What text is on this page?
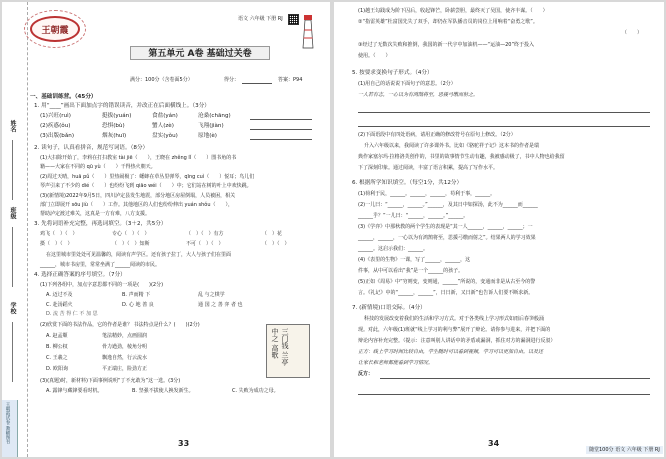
姓名
班级
学校
王朝霞试卷 教辅图书
王朝霞
语文 六年级 下册 RJ
第五单元 A卷 基础过关卷
满分：100分（含卷面5分）	得分：	答案：P94
一、基础训练营。（45分）
1. 用“____”画出下面加点字的错误读音，并改正在后面横线上。（3分）
(1)兴旺(ruì)	挺拔(yuán)	食盐(yán)	沧桑(chāng)
(2)疾惑(ǒu)	恐惧(bù)	蟹人(zè)	飞翔(jiàn)
(3)出版(bǎn)	烟灰(huī)	盘实(yǒu)	原地(è)
2. 读句子，认真看拼音，规范写词语。（8分）
(1)大扫除开始了，李莉在打扫教室 tài jiē（　　），王晓在 zhěng lǐ（　　）图书角的书
籍——大家在不同的 qū yù（　　）干得热火朝天。
(2)周过天晴，huā pǔ（　　）里热闹极了：蟋蟀在草丛里弹琴，qīng cuì（　　）悦耳；鸟儿们
琴声引来了不少的 dié（　　）也纷纷飞到 qiāo wéi（　　）中；它们站在树的叶上中欢快跳。
(3)(新情境)2022年9月5日，四川泸定县发生地震，部分地区房屋倒塌，人员被困，相关
部门立即展开 sōu jiù（　　）工作。其他地区的人们也纷纷伸出 yuán shǒu（　　），
帮助泸定渡过难关，这真是一方有难，八方支援。
3. 先将词语补充完整，再选词填空。（3＋2，共5分）
鸡飞（　）（　）	专心（　）（　）	（　）（　）有方	（　）花
摄（　）（　）	（　）（　）知斯	不可（　）（　）	（　）（　）
在这里城市里处处可见温馨的，阅读有声学区。还有孩子拉丁，大人与孩子们在里面
______，城市书房里，常常坐满了______阅读的市民。
4. 选择正确答案的序号填空。（7分）
(1)下列各组中，加点字意思都不同的一项是(　　)(2分)
A. 迈过不及	B. 声而精 下	乱 与之棋学
C. 赴汤蹈火	D. 心 地 善 良	通 国 之 善 弈 者 也
D. 流 苦 得 仁 不 加 思
(2)欣赏下面的书法作品，它的作者是谁？ 书法特点是什么？(　　)(2分)
A. 赵孟頫	笔法精妙，点画圆润
B. 柳公权	骨力遒劲，棱角分明
C. 王羲之	飘逸自然，行云流水
D. 欧阳询	平正端庄，险劲方正
三门钱 兰亭 中之 高歌
(3)(真题)时，新材料)下面事例说明“丁不允敢为”这一选。(3分)
A. 露锋与藏锋要看时机。	B. 坚强不拔使人换发新生。	C. 失败为成功之母。
33
(1)越王勾践成为阶下囚后，收起锋芒，卧薪尝胆，最终灭了吴国，使齐丰谋。（　　）
②“指雷英雄”杜富国先失了双手，却仍在军队播音员的岗位上用响着“奋勇之歌”。
（　　）
③经过了无数次失败和推倒，我国的新一代宇中加油机——“运油—20”终于投入
使用。（　　）
5. 按要求变换句子形式。（4分）
(1)用自己的话说说下面句子的意思。（2分）
一人若有志，一心以为有鸿鹄将至，思援弓缴而射之。
(2)下面语段中有四处语病，请用正确的修改符号在原句上修改。（2分）
升入六年级以来，我阅读了许多课外书。比如《骆驼祥子记》这本书的作者是瑞
典作家塞尔玛·拉格洛芙创作的，书里的故事情节生动有趣，我被感动极了，书中人物也给我留
下了深刻印象。通过阅读，丰富了语言积累，提高了写作水平。
6. 根据所学知识填空。（每空1分，共12分）
(1)荷利于民，______。______，______，苟利于事，______。
(2)一儿曰：“______，______。”______，及其日中如探汤，此不为______而______
______乎？”一儿曰：“______，______。”______。
(3)《学弈》中那秋教的两个学生的表现是“其一人______，______，______；一
______，______，一心以为有鸿鹄将至，思援弓缴而射之”。结果两人的学习效果
______。这启示我们：______。
(4)《表里的生物》一课，写了______，______，这
件事，从中可以看出“我”是一个______的孩子。
(5)正如《周易》中“穷则变，变则通，______”所说的，变通而非是从古至今的警
言。《礼记》中的“______，______”，日日新，又日新”也告诉人们要不断求新。
7. (新情境)口语交际。（4分）
科技的发展改变着我们的生活和学习方式。对于各类线上学习形式如雨后春笋般涌
现。对此，六年级(1)班就“线上学习的利与弊”展开了辩论。请你参与进来，并把下面的
辩论内容补充完整。（提示：注意叫别人讲话中的矛盾或漏洞，抓住对方的漏洞进行反驳）
正方：线上学习时间比较自由，学生随时可以看到视频，学习可以更加自由。以及还
让家长和老师都能看到学习情况。
反方：
34
随堂100分 语文 六年级 下册 RJ
